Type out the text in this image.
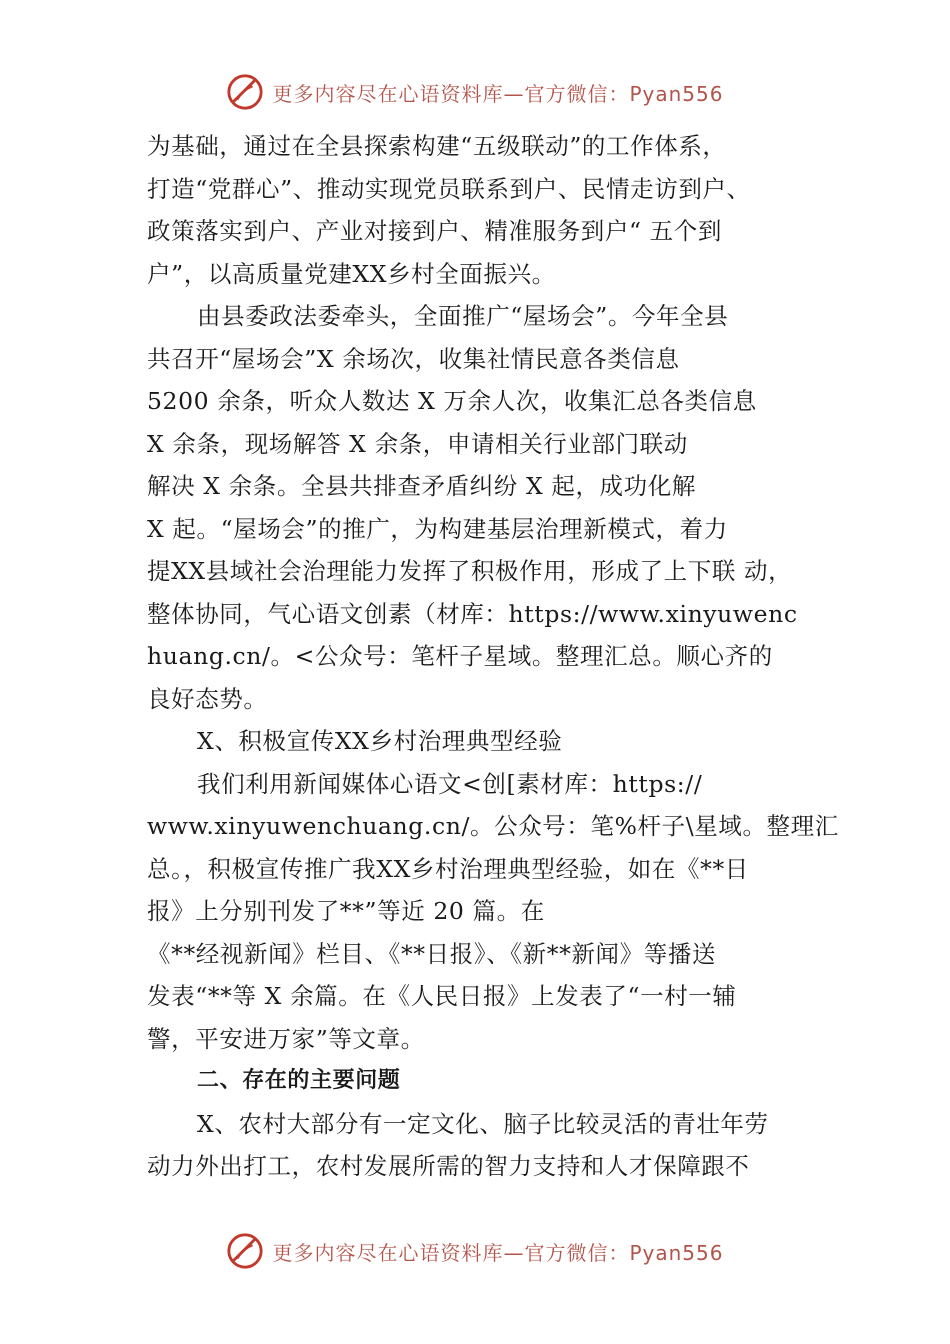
更多内容尽在心语资料库—官方微信：Pyan556
为基础，通过在全县探索构建“五级联动”的工作体系，
打造“党群心”、推动实现党员联系到户、民情走访到户、
政策落实到户、产业对接到户、精准服务到户“ 五个到
户”，以高质量党建XX乡村全面振兴。
由县委政法委牵头，全面推广“屋场会”。今年全县
共召开“屋场会”X 余场次，收集社情民意各类信息
5200 余条，听众人数达 X 万余人次，收集汇总各类信息
X 余条，现场解答 X 余条，申请相关行业部门联动
解决 X 余条。全县共排查矛盾纠纷 X 起，成功化解
X 起。“屋场会”的推广，为构建基层治理新模式，着力
提XX县域社会治理能力发挥了积极作用，形成了上下联 动，
整体协同，气心语文创素（材库：https://www.xinyuwenc
huang.cn/。<公众号：笔杆子星域。整理汇总。顺心齐的
良好态势。
X、积极宣传XX乡村治理典型经验
我们利用新闻媒体心语文<创[素材库：https://
www.xinyuwenchuang.cn/。公众号：笔%杆子\星域。整理汇
总。，积极宣传推广我XX乡村治理典型经验，如在《**日
报》上分别刊发了**”等近 20 篇。在
《**经视新闻》栏目、《**日报》、《新**新闻》等播送
发表“**等 X 余篇。在《人民日报》上发表了“一村一辅
警，平安进万家”等文章。
二、存在的主要问题
X、农村大部分有一定文化、脑子比较灵活的青壮年劳
动力外出打工，农村发展所需的智力支持和人才保障跟不
更多内容尽在心语资料库—官方微信：Pyan556
